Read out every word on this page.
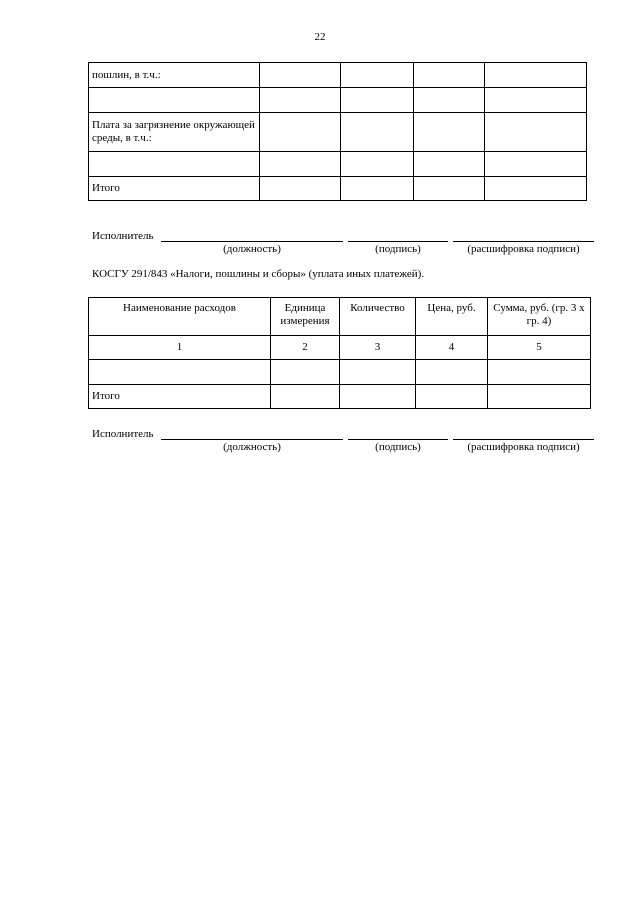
22
пошлин, в т.ч.:				

Плата за загрязнение окружающей среды, в т.ч.:				

Итого				
Исполнитель
(должность)	(подпись)	(расшифровка подписи)
КОСГУ 291/843 «Налоги, пошлины и сборы» (уплата иных платежей).
Наименование расходов	Единица измерения	Количество	Цена, руб.	Сумма, руб. (гр. 3 х гр. 4)
1	2	3	4	5

Итого				
Исполнитель
(должность)	(подпись)	(расшифровка подписи)
